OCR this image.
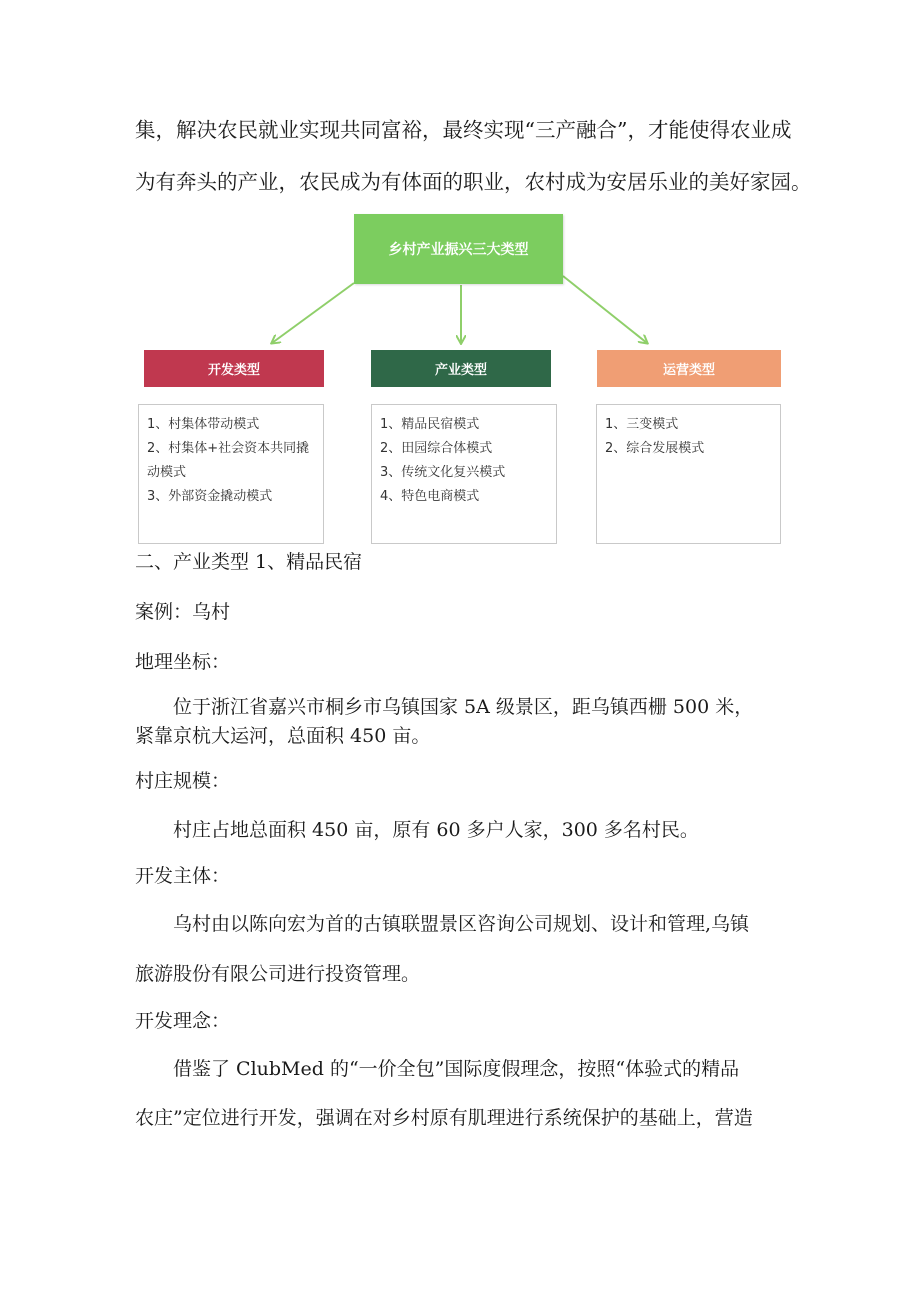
集，解决农民就业实现共同富裕，最终实现“三产融合”，才能使得农业成
为有奔头的产业，农民成为有体面的职业，农村成为安居乐业的美好家园。
乡村产业振兴三大类型
开发类型	产业类型	运营类型
1、村集体带动模式
2、村集体+社会资本共同撬动模式
3、外部资金撬动模式
1、精品民宿模式
2、田园综合体模式
3、传统文化复兴模式
4、特色电商模式
1、三变模式
2、综合发展模式
二、产业类型 1、精品民宿
案例：乌村
地理坐标：
位于浙江省嘉兴市桐乡市乌镇国家 5A 级景区，距乌镇西栅 500 米，
紧靠京杭大运河，总面积 450 亩。
村庄规模：
村庄占地总面积 450 亩，原有 60 多户人家，300 多名村民。
开发主体：
乌村由以陈向宏为首的古镇联盟景区咨询公司规划、设计和管理,乌镇
旅游股份有限公司进行投资管理。
开发理念：
借鉴了 ClubMed 的“一价全包”国际度假理念，按照“体验式的精品
农庄”定位进行开发，强调在对乡村原有肌理进行系统保护的基础上，营造
